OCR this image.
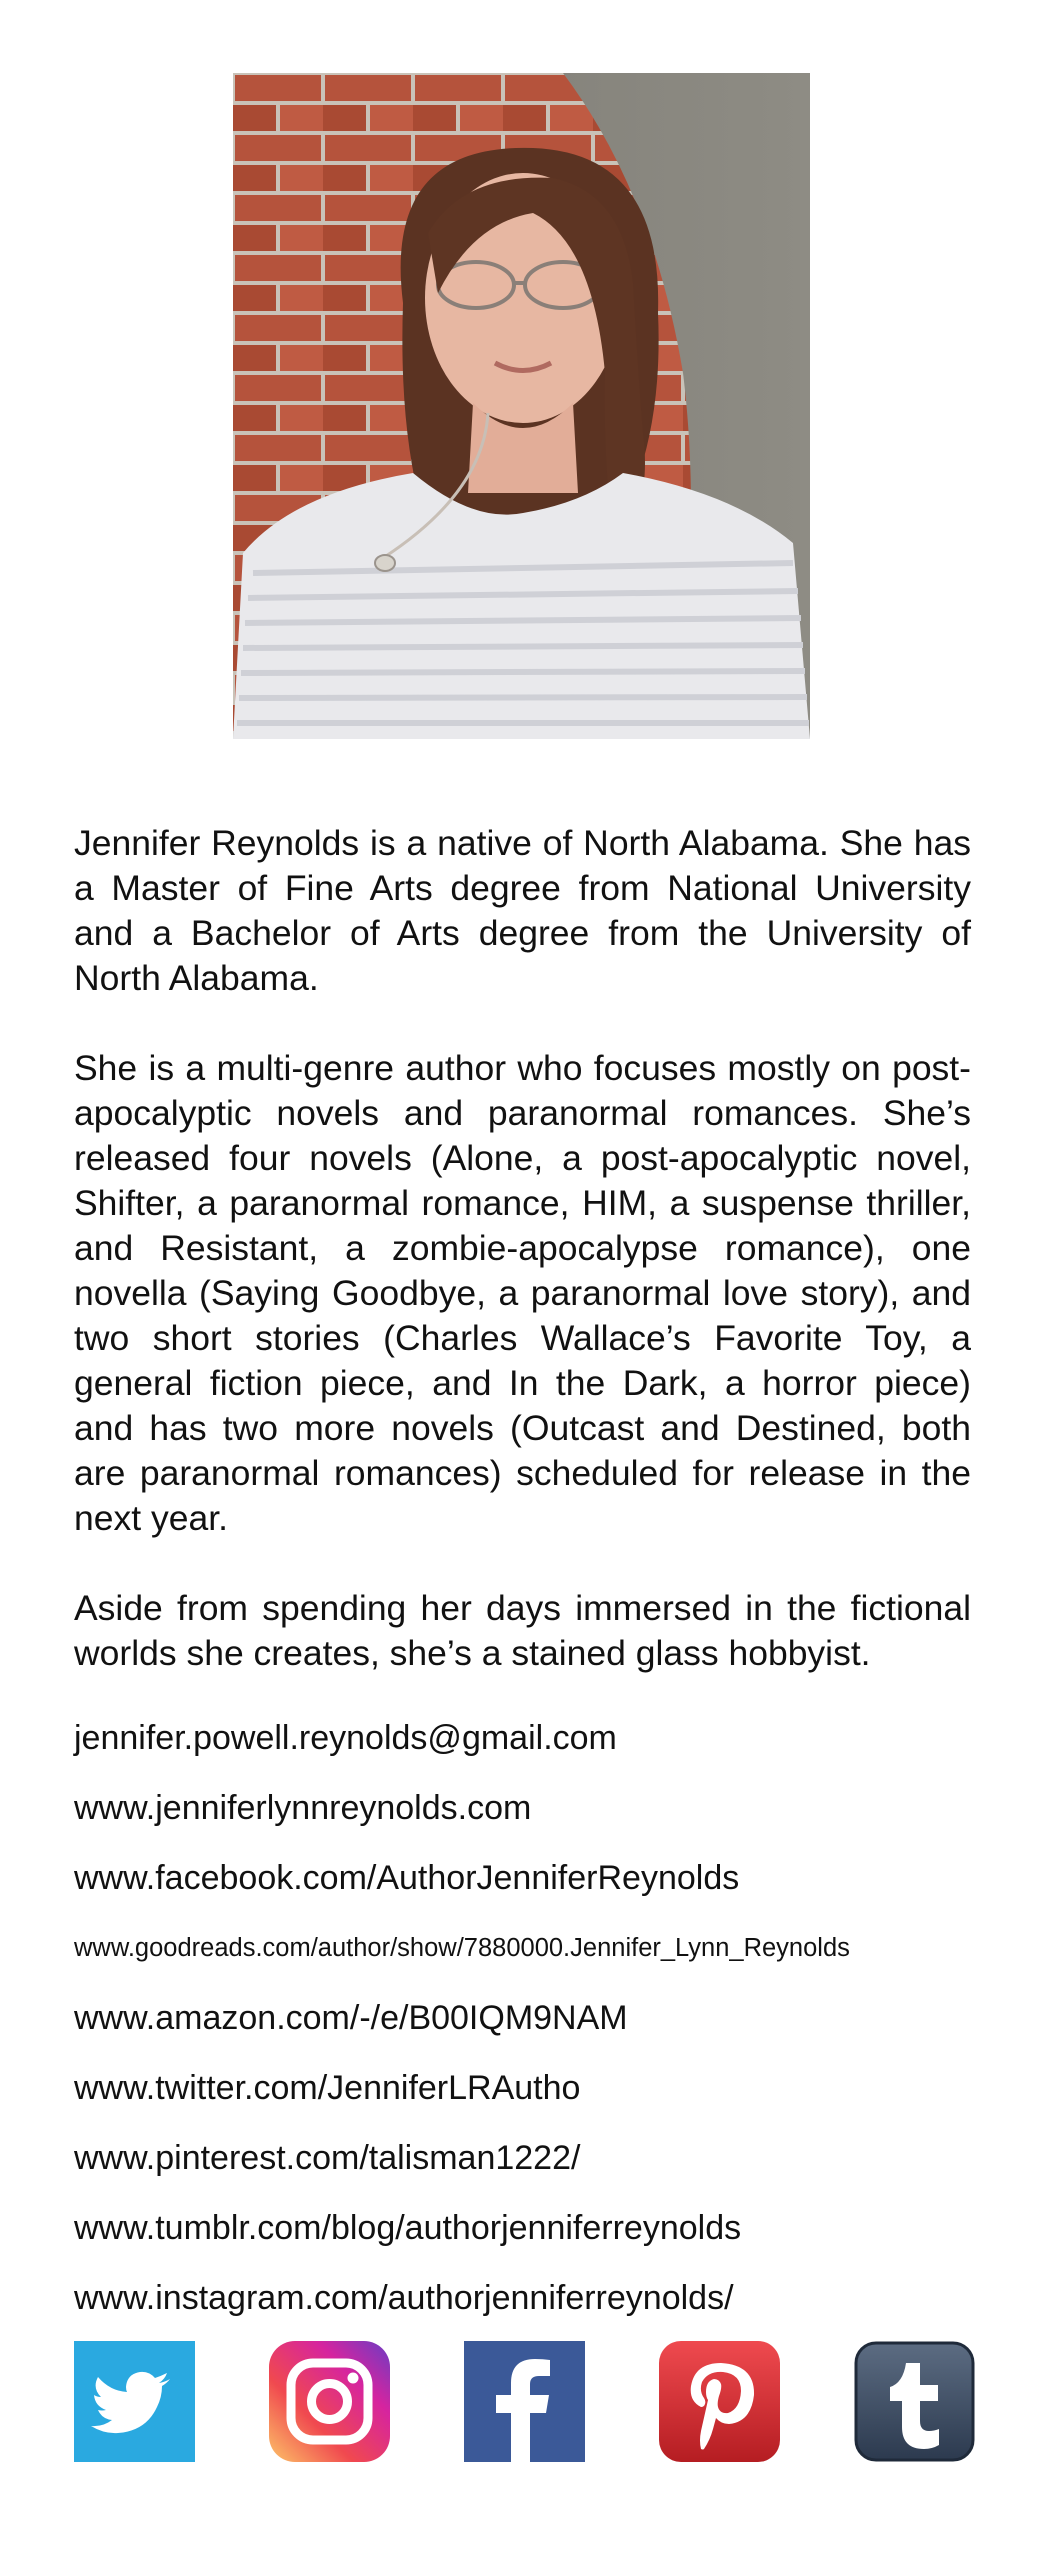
Jennifer Reynolds is a native of North Alabama. She has a Master of Fine Arts degree from National University and a Bachelor of Arts degree from the University of North Alabama.

She is a multi-genre author who focuses mostly on post-apocalyptic novels and paranormal romances. She’s released four novels (Alone, a post-apocalyptic novel, Shifter, a paranormal romance, HIM, a suspense thriller, and Resistant, a zombie-apocalypse romance), one novella (Saying Goodbye, a paranormal love story), and two short stories (Charles Wallace’s Favorite Toy, a general fiction piece, and In the Dark, a horror piece) and has two more novels (Outcast and Destined, both are paranormal romances) scheduled for release in the next year.

Aside from spending her days immersed in the fictional worlds she creates, she’s a stained glass hobbyist.

jennifer.powell.reynolds@gmail.com
www.jenniferlynnreynolds.com
www.facebook.com/AuthorJenniferReynolds
www.goodreads.com/author/show/7880000.Jennifer_Lynn_Reynolds
www.amazon.com/-/e/B00IQM9NAM
www.twitter.com/JenniferLRAutho
www.pinterest.com/talisman1222/
www.tumblr.com/blog/authorjenniferreynolds
www.instagram.com/authorjenniferreynolds/
